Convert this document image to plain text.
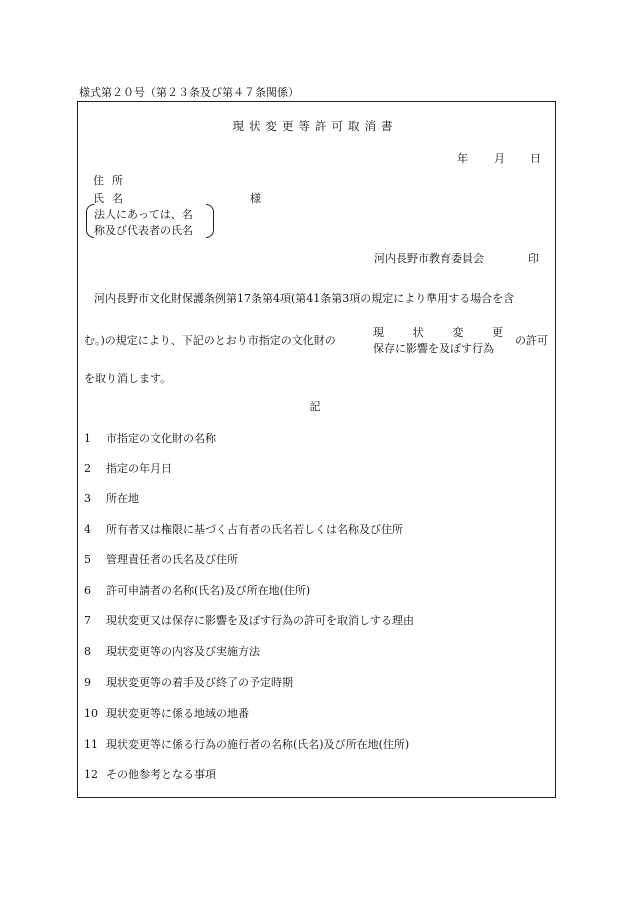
様式第２０号（第２３条及び第４７条関係）
現状変更等許可取消書
年 月 日
住所
氏名	様
法人にあっては、名
称及び代表者の氏名
河内長野市教育委員会	印
河内長野市文化財保護条例第17条第4項(第41条第3項の規定により準用する場合を含
む。)の規定により、下記のとおり市指定の文化財の
現	状	変	更
保存に影響を及ぼす行為
の許可
を取り消します。
記
1 市指定の文化財の名称
2 指定の年月日
3 所在地
4 所有者又は権限に基づく占有者の氏名若しくは名称及び住所
5 管理責任者の氏名及び住所
6 許可申請者の名称(氏名)及び所在地(住所)
7 現状変更又は保存に影響を及ぼす行為の許可を取消しする理由
8 現状変更等の内容及び実施方法
9 現状変更等の着手及び終了の予定時期
10 現状変更等に係る地域の地番
11 現状変更等に係る行為の施行者の名称(氏名)及び所在地(住所)
12 その他参考となる事項
